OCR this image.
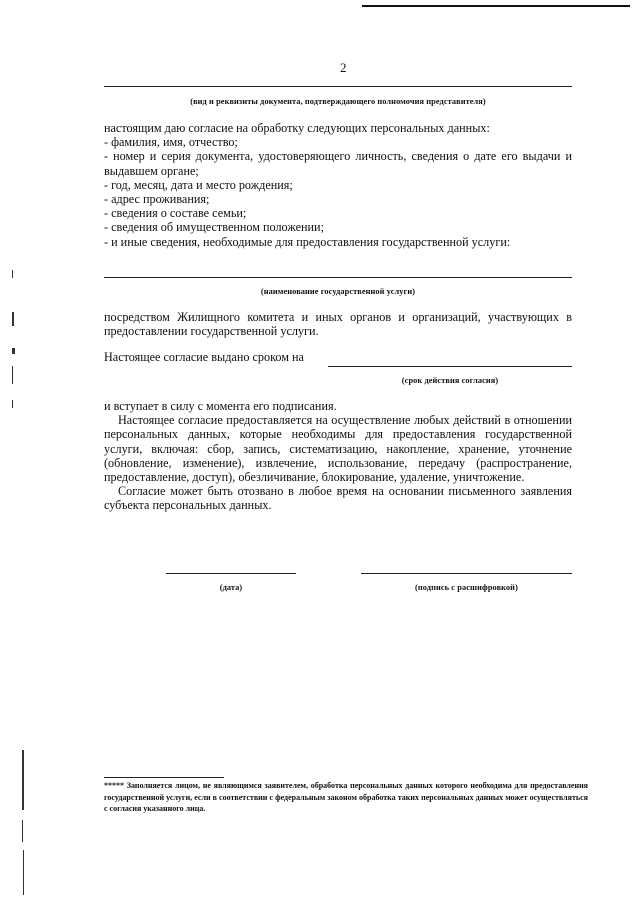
2
(вид и реквизиты документа, подтверждающего полномочия представителя)

настоящим даю согласие на обработку следующих персональных данных:

- фамилия, имя, отчество;

- номер и серия документа, удостоверяющего личность, сведения о дате его выдачи и выдавшем органе;

- год, месяц, дата и место рождения;

- адрес проживания;

- сведения о составе семьи;

- сведения об имущественном положении;

- и иные сведения, необходимые для предоставления государственной услуги:

(наименование государственной услуги)
посредством Жилищного комитета и иных органов и организаций, участвующих в предоставлении государственной услуги.
Настоящее согласие выдано сроком на
(срок действия согласия)

и вступает в силу с момента его подписания.

Настоящее согласие предоставляется на осуществление любых действий в отношении персональных данных, которые необходимы для предоставления государственной услуги, включая: сбор, запись, систематизацию, накопление, хранение, уточнение (обновление, изменение), извлечение, использование, передачу (распространение, предоставление, доступ), обезличивание, блокирование, удаление, уничтожение.

Согласие может быть отозвано в любое время на основании письменного заявления субъекта персональных данных.

(дата)	(подпись с расшифровкой)
***** Заполняется лицом, не являющимся заявителем, обработка персональных данных которого необходима для предоставления государственной услуги, если в соответствии с федеральным законом обработка таких персональных данных может осуществляться с согласия указанного лица.
